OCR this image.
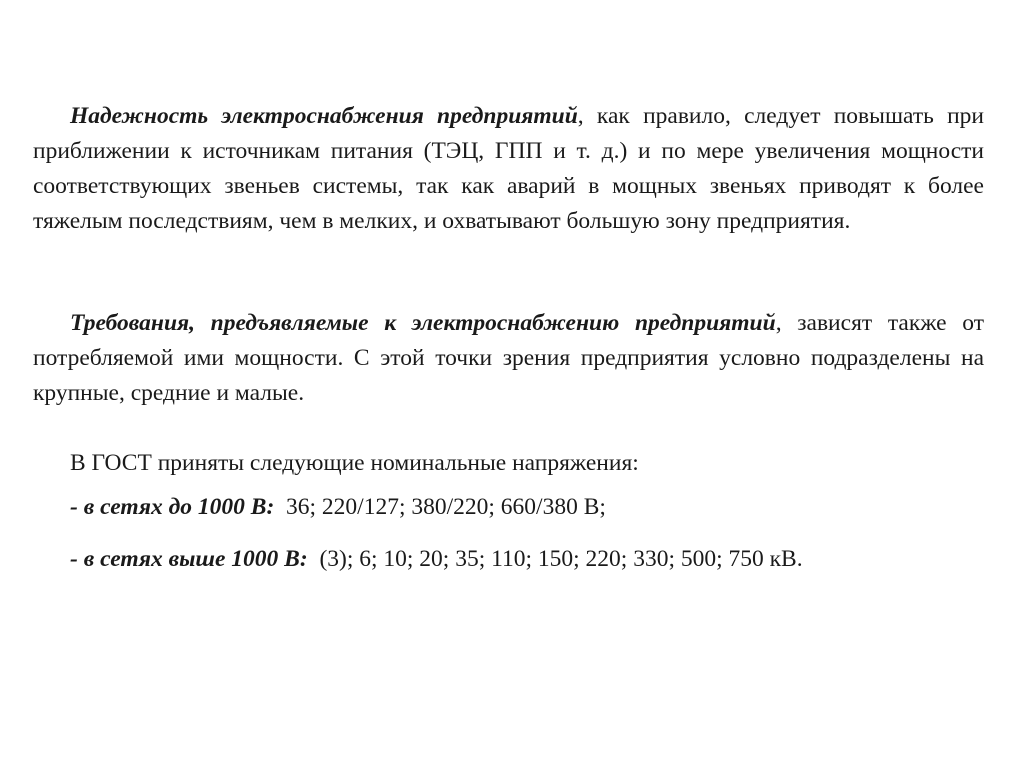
Надежность электроснабжения предприятий, как правило, следует повышать при приближении к источникам питания (ТЭЦ, ГПП и т. д.) и по мере увеличения мощности соответствующих звеньев системы, так как аварий в мощных звеньях приводят к более тяжелым последствиям, чем в мелких, и охватывают большую зону предприятия.

Требования, предъявляемые к электроснабжению предприятий, зависят также от потребляемой ими мощности. С этой точки зрения предприятия условно подразделены на крупные, средние и малые.

В ГОСТ приняты следующие номинальные напряжения:

- в сетях до 1000 В: 36; 220/127; 380/220; 660/380 В;

- в сетях выше 1000 В: (3); 6; 10; 20; 35; 110; 150; 220; 330; 500; 750 кВ.
